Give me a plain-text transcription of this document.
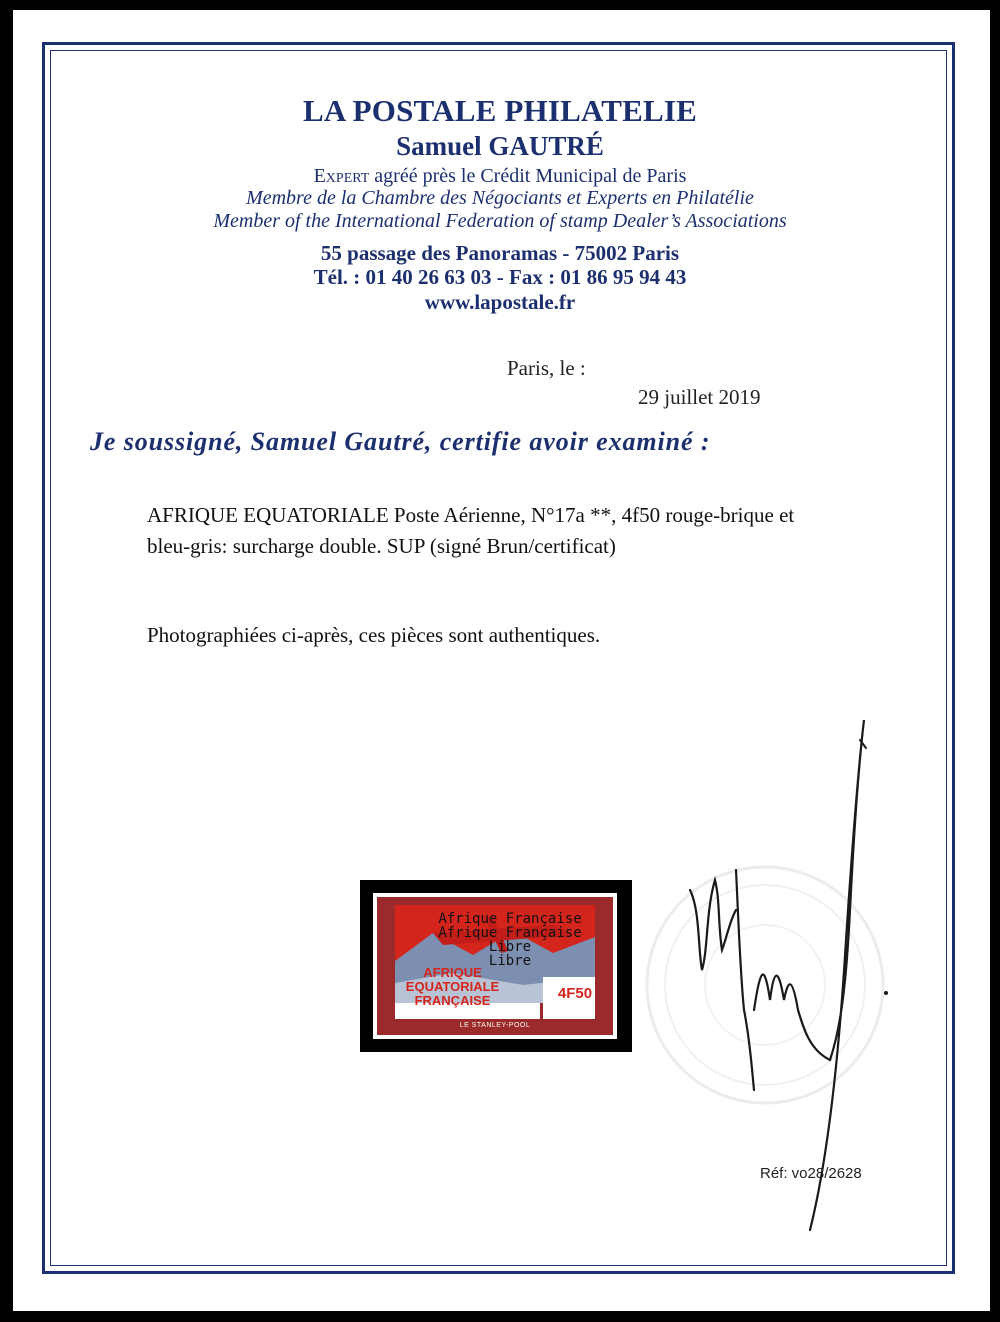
LA POSTALE PHILATELIE
Samuel GAUTRÉ
Expert agréé près le Crédit Municipal de Paris
Membre de la Chambre des Négociants et Experts en Philatélie
Member of the International Federation of stamp Dealer’s Associations
55 passage des Panoramas - 75002 Paris
Tél. : 01 40 26 63 03 - Fax : 01 86 95 94 43
www.lapostale.fr
Paris, le :
29 juillet 2019
Je soussigné, Samuel Gautré, certifie avoir examiné :
AFRIQUE EQUATORIALE Poste Aérienne, N°17a **, 4f50 rouge-brique et bleu-gris: surcharge double. SUP (signé Brun/certificat)
Photographiées ci-après, ces pièces sont authentiques.
Afrique Française
Afrique Française
Libre
Libre
AFRIQUE
EQUATORIALE
FRANÇAISE	4F50
LE STANLEY-POOL
Réf: vo28/2628
